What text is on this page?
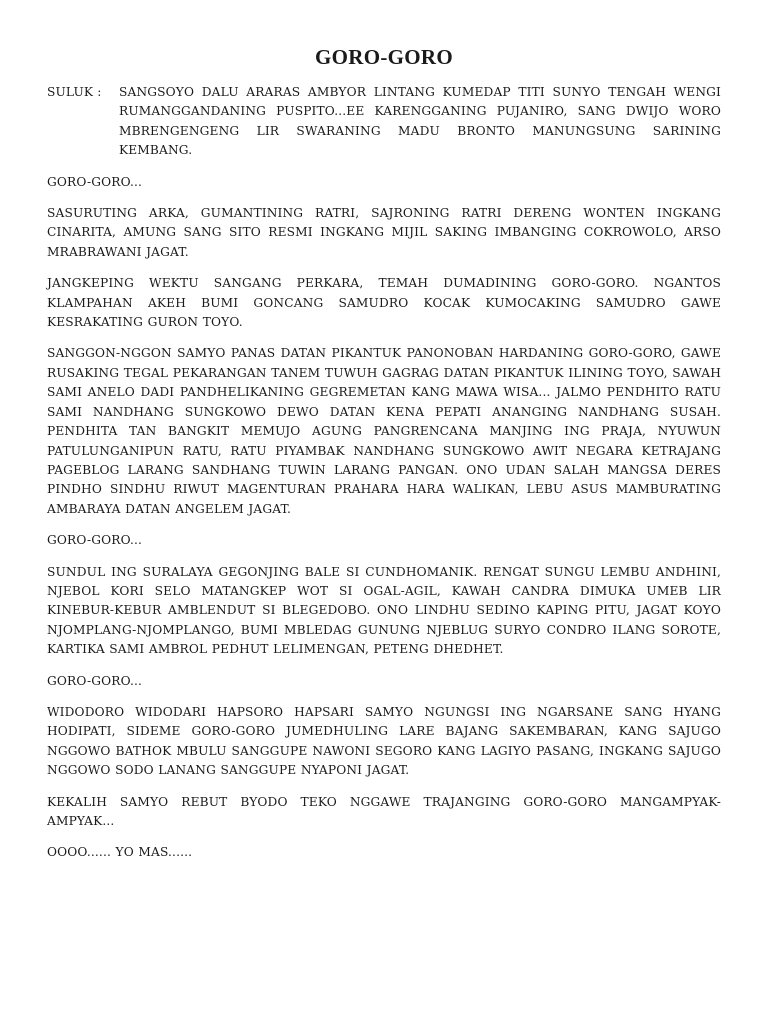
GORO-GORO
SULUK :	SANGSOYO DALU ARARAS AMBYOR LINTANG KUMEDAP TITI SUNYO TENGAH WENGI RUMANGGANDANING PUSPITO...EE KARENGGANING PUJANIRO, SANG DWIJO WORO MBRENGENGENG LIR SWARANING MADU BRONTO MANUNGSUNG SARINING KEMBANG.

GORO-GORO...

SASURUTING ARKA, GUMANTINING RATRI, SAJRONING RATRI DERENG WONTEN INGKANG CINARITA, AMUNG SANG SITO RESMI INGKANG MIJIL SAKING IMBANGING COKROWOLO, ARSO MRABRAWANI JAGAT.

JANGKEPING WEKTU SANGANG PERKARA, TEMAH DUMADINING GORO-GORO. NGANTOS KLAMPAHAN AKEH BUMI GONCANG SAMUDRO KOCAK KUMOCAKING SAMUDRO GAWE KESRAKATING GURON TOYO.

SANGGON-NGGON SAMYO PANAS DATAN PIKANTUK PANONOBAN HARDANING GORO-GORO, GAWE RUSAKING TEGAL PEKARANGAN TANEM TUWUH GAGRAG DATAN PIKANTUK ILINING TOYO, SAWAH SAMI ANELO DADI PANDHELIKANING GEGREMETAN KANG MAWA WISA... JALMO PENDHITO RATU SAMI NANDHANG SUNGKOWO DEWO DATAN KENA PEPATI ANANGING NANDHANG SUSAH. PENDHITA TAN BANGKIT MEMUJO AGUNG PANGRENCANA MANJING ING PRAJA, NYUWUN PATULUNGANIPUN RATU, RATU PIYAMBAK NANDHANG SUNGKOWO AWIT NEGARA KETRAJANG PAGEBLOG LARANG SANDHANG TUWIN LARANG PANGAN. ONO UDAN SALAH MANGSA DERES PINDHO SINDHU RIWUT MAGENTURAN PRAHARA HARA WALIKAN, LEBU ASUS MAMBURATING AMBARAYA DATAN ANGELEM JAGAT.

GORO-GORO...

SUNDUL ING SURALAYA GEGONJING BALE SI CUNDHOMANIK. RENGAT SUNGU LEMBU ANDHINI, NJEBOL KORI SELO MATANGKEP WOT SI OGAL-AGIL, KAWAH CANDRA DIMUKA UMEB LIR KINEBUR-KEBUR AMBLENDUT SI BLEGEDOBO. ONO LINDHU SEDINO KAPING PITU, JAGAT KOYO NJOMPLANG-NJOMPLANGO, BUMI MBLEDAG GUNUNG NJEBLUG SURYO CONDRO ILANG SOROTE, KARTIKA SAMI AMBROL PEDHUT LELIMENGAN, PETENG DHEDHET.

GORO-GORO...

WIDODORO WIDODARI HAPSORO HAPSARI SAMYO NGUNGSI ING NGARSANE SANG HYANG HODIPATI, SIDEME GORO-GORO JUMEDHULING LARE BAJANG SAKEMBARAN, KANG SAJUGO NGGOWO BATHOK MBULU SANGGUPE NAWONI SEGORO KANG LAGIYO PASANG, INGKANG SAJUGO NGGOWO SODO LANANG SANGGUPE NYAPONI JAGAT.

KEKALIH SAMYO REBUT BYODO TEKO NGGAWE TRAJANGING GORO-GORO MANGAMPYAK-AMPYAK...

OOOO...... YO MAS......
